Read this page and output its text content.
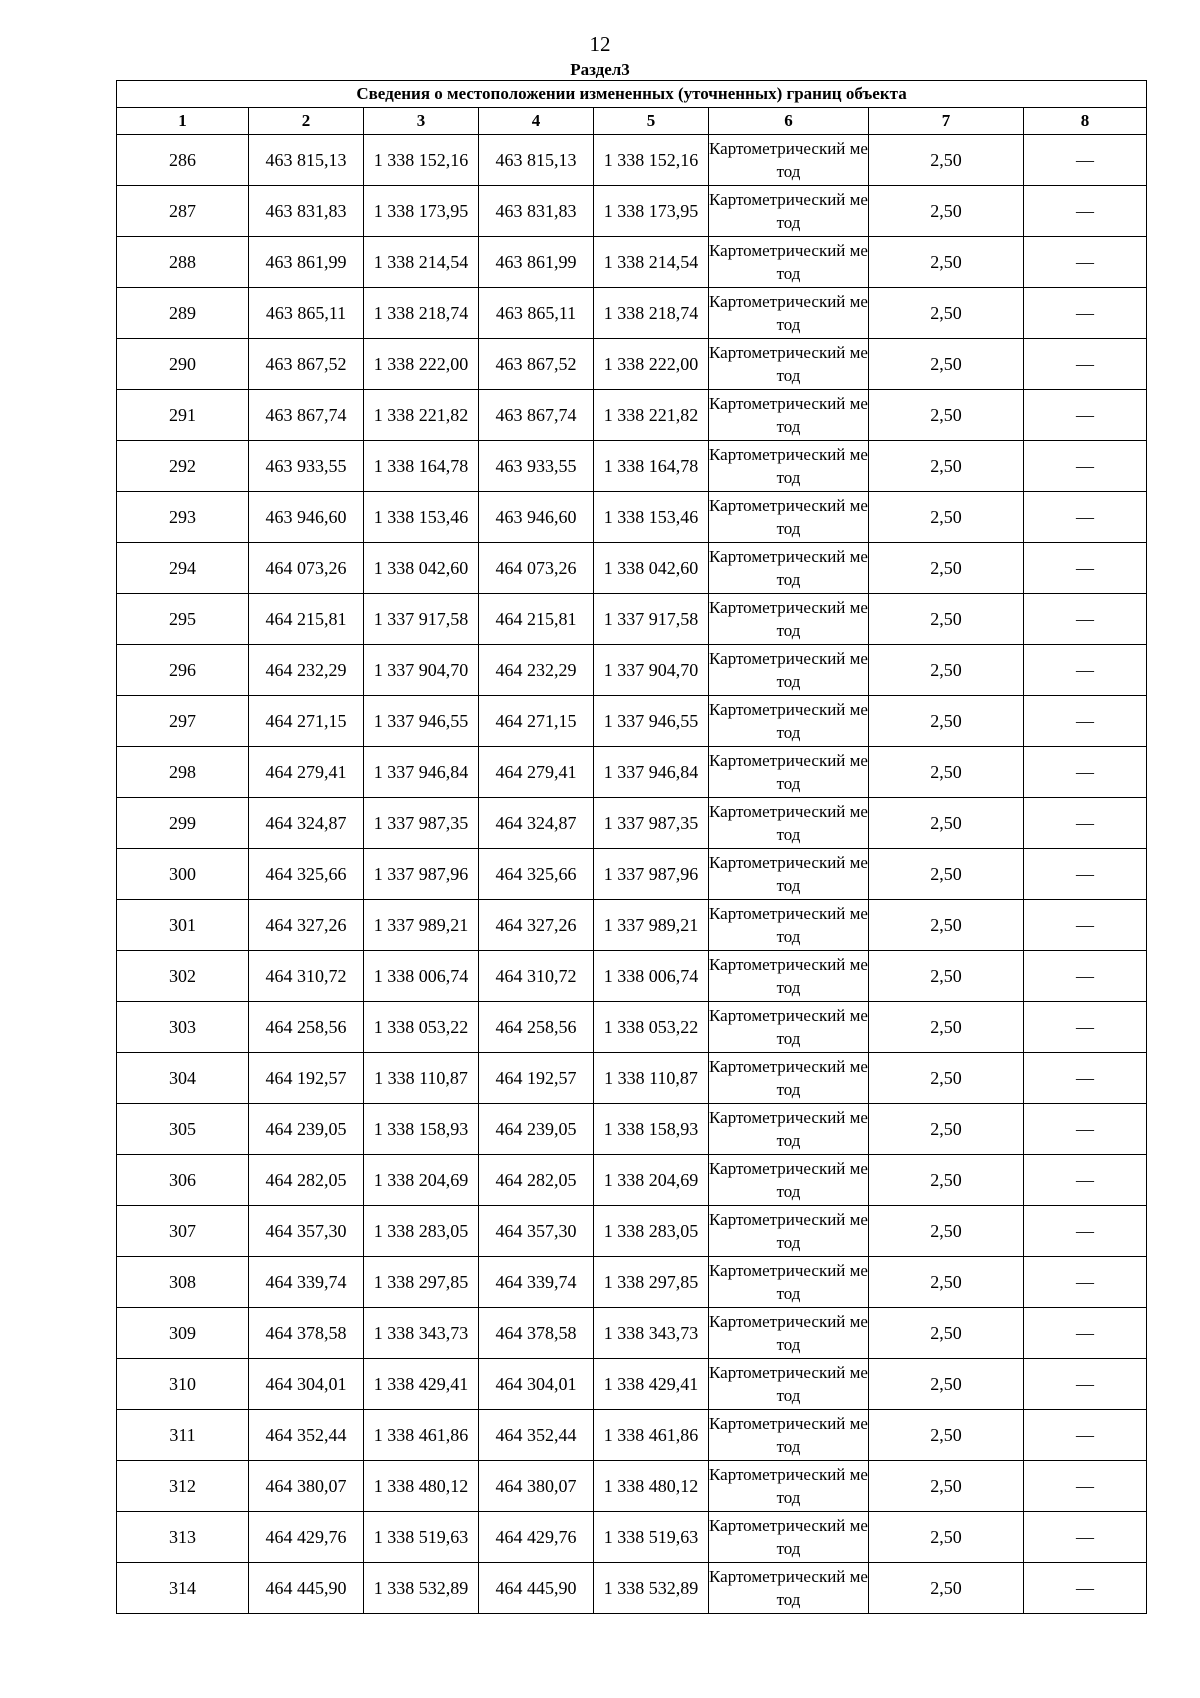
12
Раздел3
Сведения о местоположении измененных (уточненных) границ объекта							
1	2	3	4	5	6	7	8
286	463 815,13	1 338 152,16	463 815,13	1 338 152,16	Картометрический метод	2,50	—
287	463 831,83	1 338 173,95	463 831,83	1 338 173,95	Картометрический метод	2,50	—
288	463 861,99	1 338 214,54	463 861,99	1 338 214,54	Картометрический метод	2,50	—
289	463 865,11	1 338 218,74	463 865,11	1 338 218,74	Картометрический метод	2,50	—
290	463 867,52	1 338 222,00	463 867,52	1 338 222,00	Картометрический метод	2,50	—
291	463 867,74	1 338 221,82	463 867,74	1 338 221,82	Картометрический метод	2,50	—
292	463 933,55	1 338 164,78	463 933,55	1 338 164,78	Картометрический метод	2,50	—
293	463 946,60	1 338 153,46	463 946,60	1 338 153,46	Картометрический метод	2,50	—
294	464 073,26	1 338 042,60	464 073,26	1 338 042,60	Картометрический метод	2,50	—
295	464 215,81	1 337 917,58	464 215,81	1 337 917,58	Картометрический метод	2,50	—
296	464 232,29	1 337 904,70	464 232,29	1 337 904,70	Картометрический метод	2,50	—
297	464 271,15	1 337 946,55	464 271,15	1 337 946,55	Картометрический метод	2,50	—
298	464 279,41	1 337 946,84	464 279,41	1 337 946,84	Картометрический метод	2,50	—
299	464 324,87	1 337 987,35	464 324,87	1 337 987,35	Картометрический метод	2,50	—
300	464 325,66	1 337 987,96	464 325,66	1 337 987,96	Картометрический метод	2,50	—
301	464 327,26	1 337 989,21	464 327,26	1 337 989,21	Картометрический метод	2,50	—
302	464 310,72	1 338 006,74	464 310,72	1 338 006,74	Картометрический метод	2,50	—
303	464 258,56	1 338 053,22	464 258,56	1 338 053,22	Картометрический метод	2,50	—
304	464 192,57	1 338 110,87	464 192,57	1 338 110,87	Картометрический метод	2,50	—
305	464 239,05	1 338 158,93	464 239,05	1 338 158,93	Картометрический метод	2,50	—
306	464 282,05	1 338 204,69	464 282,05	1 338 204,69	Картометрический метод	2,50	—
307	464 357,30	1 338 283,05	464 357,30	1 338 283,05	Картометрический метод	2,50	—
308	464 339,74	1 338 297,85	464 339,74	1 338 297,85	Картометрический метод	2,50	—
309	464 378,58	1 338 343,73	464 378,58	1 338 343,73	Картометрический метод	2,50	—
310	464 304,01	1 338 429,41	464 304,01	1 338 429,41	Картометрический метод	2,50	—
311	464 352,44	1 338 461,86	464 352,44	1 338 461,86	Картометрический метод	2,50	—
312	464 380,07	1 338 480,12	464 380,07	1 338 480,12	Картометрический метод	2,50	—
313	464 429,76	1 338 519,63	464 429,76	1 338 519,63	Картометрический метод	2,50	—
314	464 445,90	1 338 532,89	464 445,90	1 338 532,89	Картометрический метод	2,50	—
